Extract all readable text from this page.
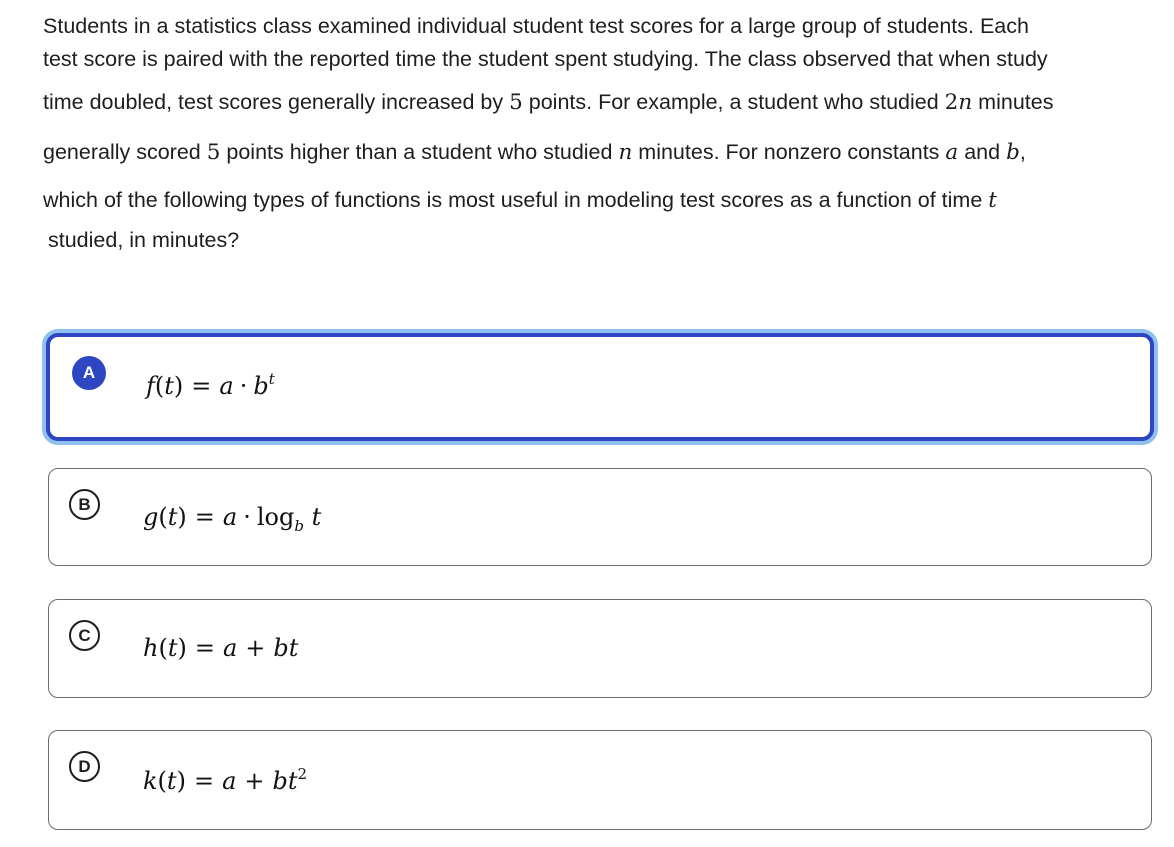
Students in a statistics class examined individual student test scores for a large group of students. Each
test score is paired with the reported time the student spent studying. The class observed that when study
time doubled, test scores generally increased by 5 points. For example, a student who studied 2n minutes
generally scored 5 points higher than a student who studied n minutes. For nonzero constants a and b,
which of the following types of functions is most useful in modeling test scores as a function of time t
studied, in minutes?
A	$f(t) = a \cdot b^t$
B	$g(t) = a \cdot \log_b t$
C	h(t) = a + bt
D
$k(t) = a + bt^2$
